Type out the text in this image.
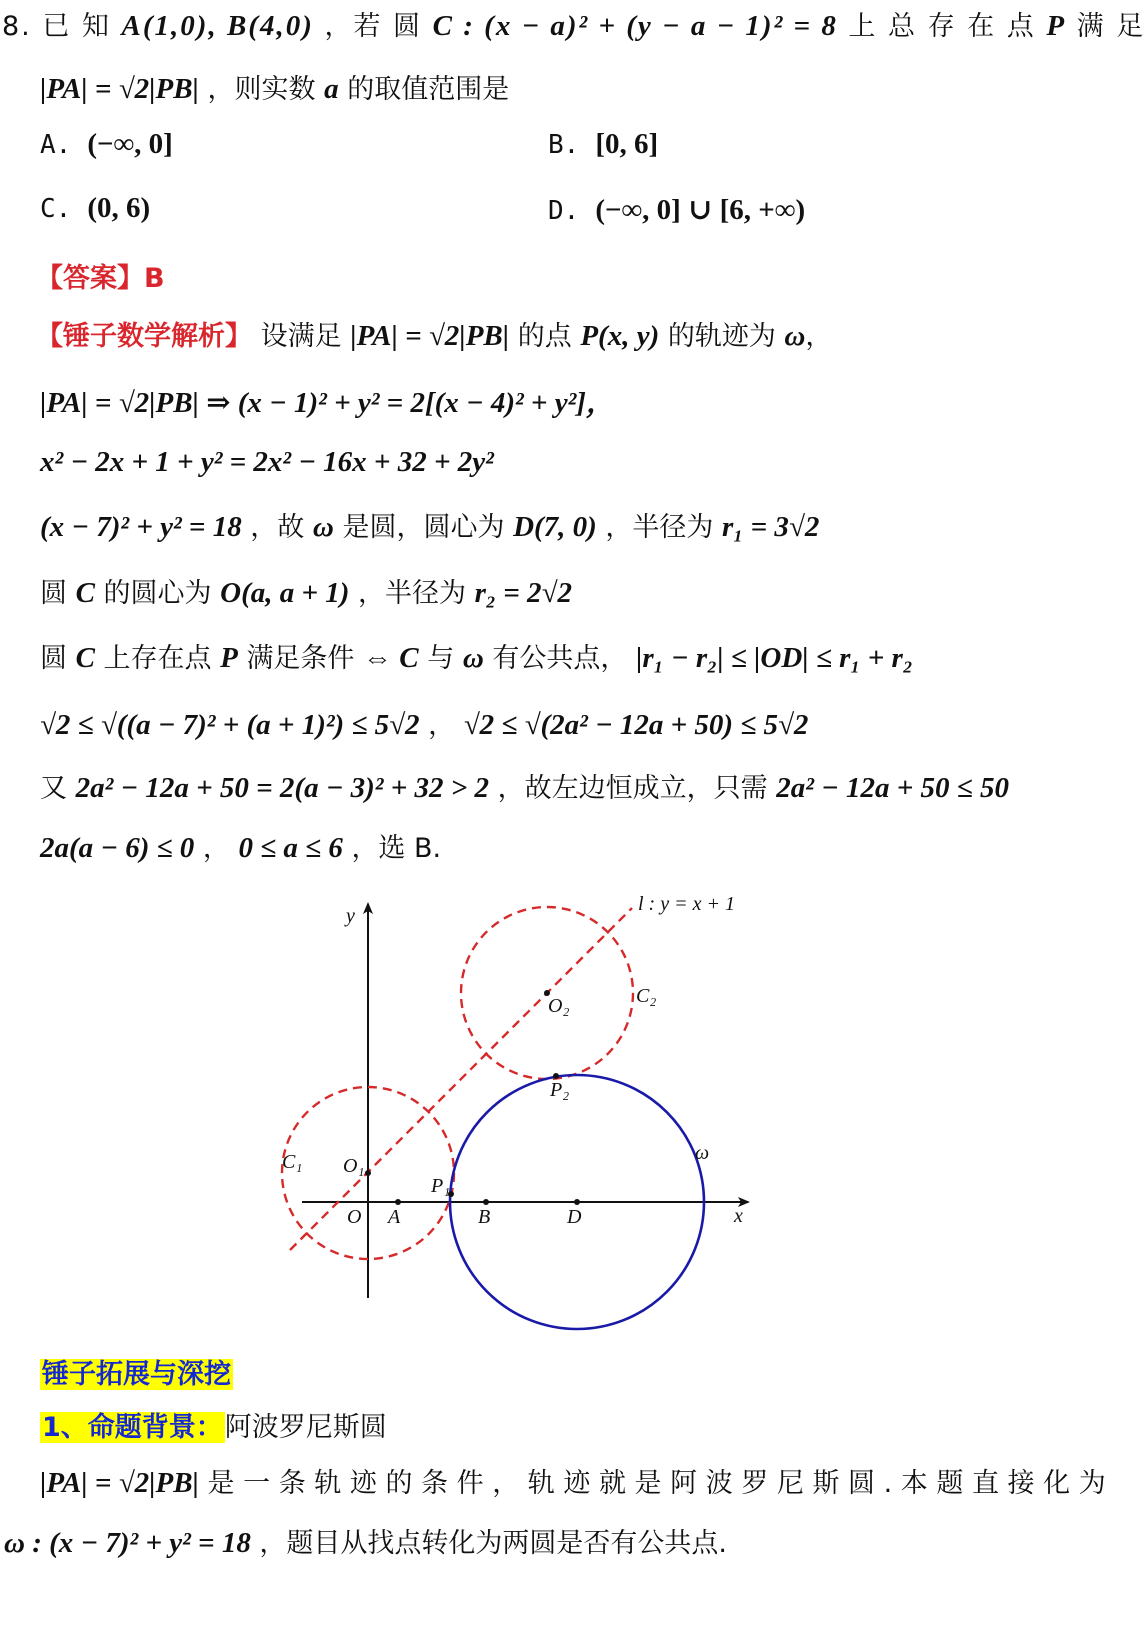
8. 已 知 A(1,0), B(4,0) ，若 圆 C : (x − a)² + (y − a − 1)² = 8 上 总 存 在 点 P 满 足
|PA| = √2|PB| ，则实数 a 的取值范围是
A. (−∞, 0]	B. [0, 6]
C. (0, 6)	D. (−∞, 0] ∪ [6, +∞)
【答案】B
【锤子数学解析】 设满足 |PA| = √2|PB| 的点 P(x, y) 的轨迹为 ω，
|PA| = √2|PB| ⇒ (x − 1)² + y² = 2[(x − 4)² + y²]，
x² − 2x + 1 + y² = 2x² − 16x + 32 + 2y²
(x − 7)² + y² = 18 ，故 ω 是圆，圆心为 D(7, 0) ，半径为 r₁ = 3√2
圆 C 的圆心为 O(a, a + 1) ，半径为 r₂ = 2√2
圆 C 上存在点 P 满足条件 ⇔ C 与 ω 有公共点， |r₁ − r₂| ≤ |OD| ≤ r₁ + r₂
√2 ≤ √((a − 7)² + (a + 1)²) ≤ 5√2 ， √2 ≤ √(2a² − 12a + 50) ≤ 5√2
又 2a² − 12a + 50 = 2(a − 3)² + 32 > 2 ，故左边恒成立，只需 2a² − 12a + 50 ≤ 50
2a(a − 6) ≤ 0 ， 0 ≤ a ≤ 6 ，选 B.
l : y = x + 1
y
x
O A	B	D
O₁
O₂
C₁
C₂
P₁
P₂
ω
锤子拓展与深挖
1、命题背景：阿波罗尼斯圆
|PA| = √2|PB| 是 一 条 轨 迹 的 条 件 ， 轨 迹 就 是 阿 波 罗 尼 斯 圆 . 本 题 直 接 化 为
ω : (x − 7)² + y² = 18 ，题目从找点转化为两圆是否有公共点.
